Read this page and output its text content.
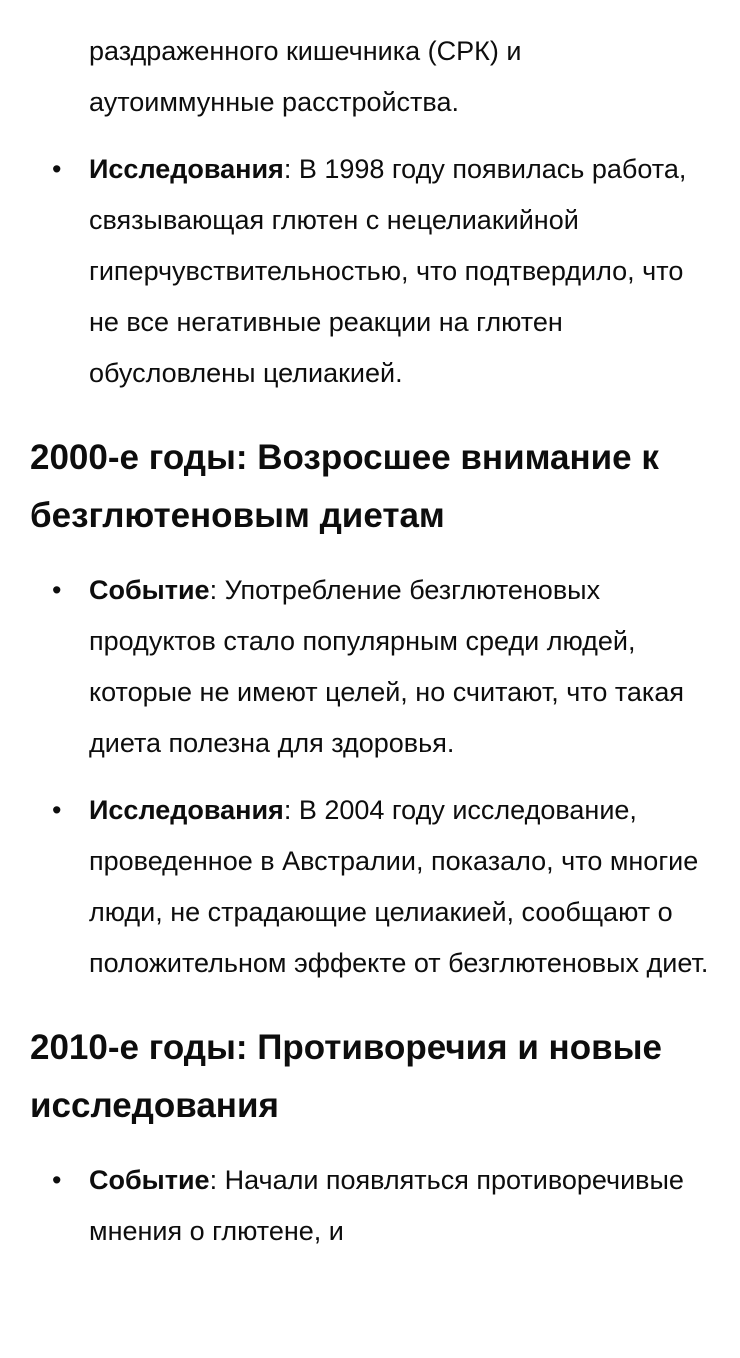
раздраженного кишечника (СРК) и аутоиммунные расстройства.

• Исследования: В 1998 году появилась работа, связывающая глютен с нецелиакийной гиперчувствительностью, что подтвердило, что не все негативные реакции на глютен обусловлены целиакией.
2000-е годы: Возросшее внимание к безглютеновым диетам
• Событие: Употребление безглютеновых продуктов стало популярным среди людей, которые не имеют целей, но считают, что такая диета полезна для здоровья.
• Исследования: В 2004 году исследование, проведенное в Австралии, показало, что многие люди, не страдающие целиакией, сообщают о положительном эффекте от безглютеновых диет.
2010-е годы: Противоречия и новые исследования
• Событие: Начали появляться противоречивые мнения о глютене, и
